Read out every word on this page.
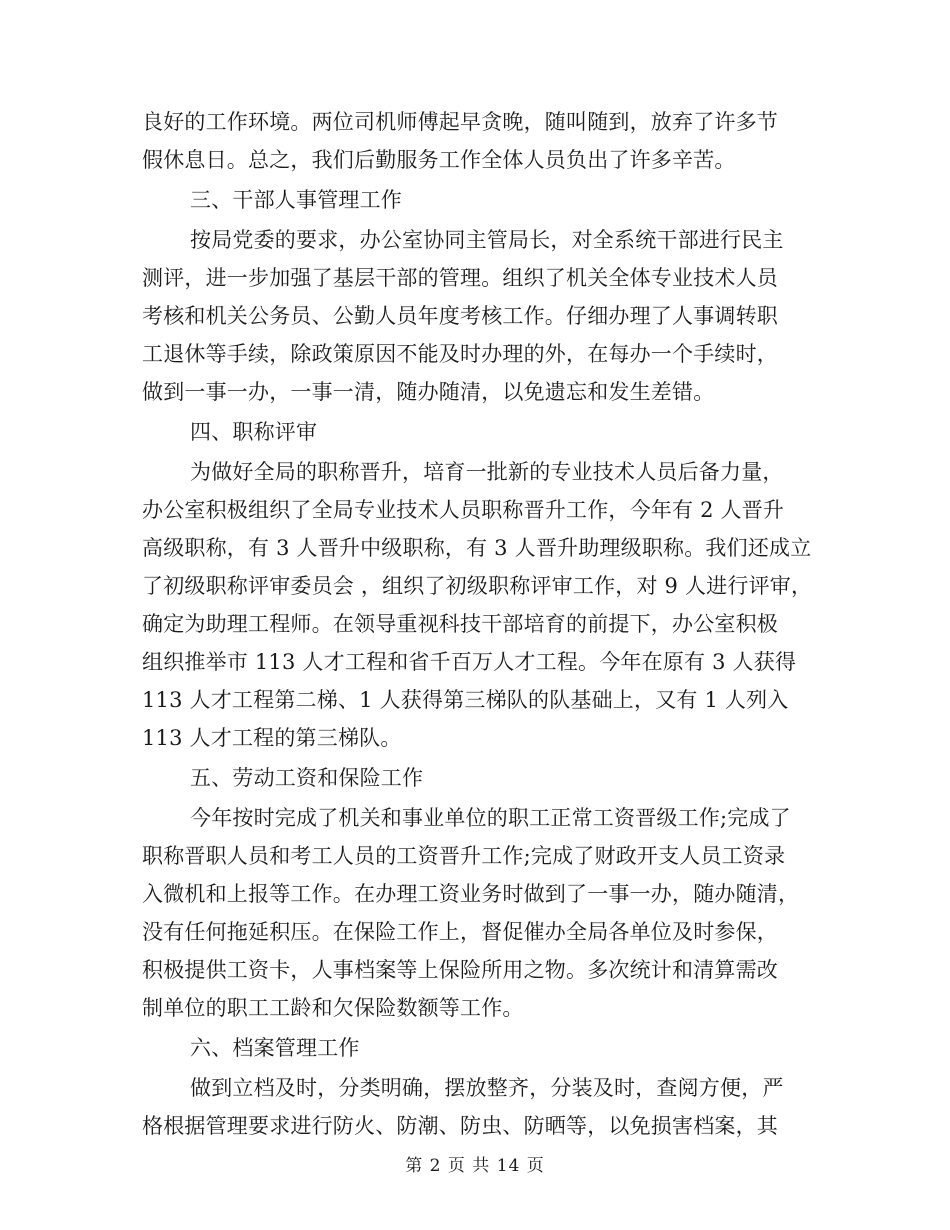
良好的工作环境。两位司机师傅起早贪晚，随叫随到，放弃了许多节
假休息日。总之，我们后勤服务工作全体人员负出了许多辛苦。
三、干部人事管理工作
按局党委的要求，办公室协同主管局长，对全系统干部进行民主
测评，进一步加强了基层干部的管理。组织了机关全体专业技术人员
考核和机关公务员、公勤人员年度考核工作。仔细办理了人事调转职
工退休等手续，除政策原因不能及时办理的外，在每办一个手续时，
做到一事一办，一事一清，随办随清，以免遗忘和发生差错。
四、职称评审
为做好全局的职称晋升，培育一批新的专业技术人员后备力量，
办公室积极组织了全局专业技术人员职称晋升工作，今年有 2 人晋升
高级职称，有 3 人晋升中级职称，有 3 人晋升助理级职称。我们还成立
了初级职称评审委员会 ，组织了初级职称评审工作，对 9 人进行评审，
确定为助理工程师。在领导重视科技干部培育的前提下，办公室积极
组织推举市 113 人才工程和省千百万人才工程。今年在原有 3 人获得
113 人才工程第二梯、1 人获得第三梯队的队基础上，又有 1 人列入
113 人才工程的第三梯队。
五、劳动工资和保险工作
今年按时完成了机关和事业单位的职工正常工资晋级工作;完成了
职称晋职人员和考工人员的工资晋升工作;完成了财政开支人员工资录
入微机和上报等工作。在办理工资业务时做到了一事一办，随办随清，
没有任何拖延积压。在保险工作上，督促催办全局各单位及时参保，
积极提供工资卡，人事档案等上保险所用之物。多次统计和清算需改
制单位的职工工龄和欠保险数额等工作。
六、档案管理工作
做到立档及时，分类明确，摆放整齐，分装及时，查阅方便，严
格根据管理要求进行防火、防潮、防虫、防晒等，以免损害档案，其
第 2 页 共 14 页
